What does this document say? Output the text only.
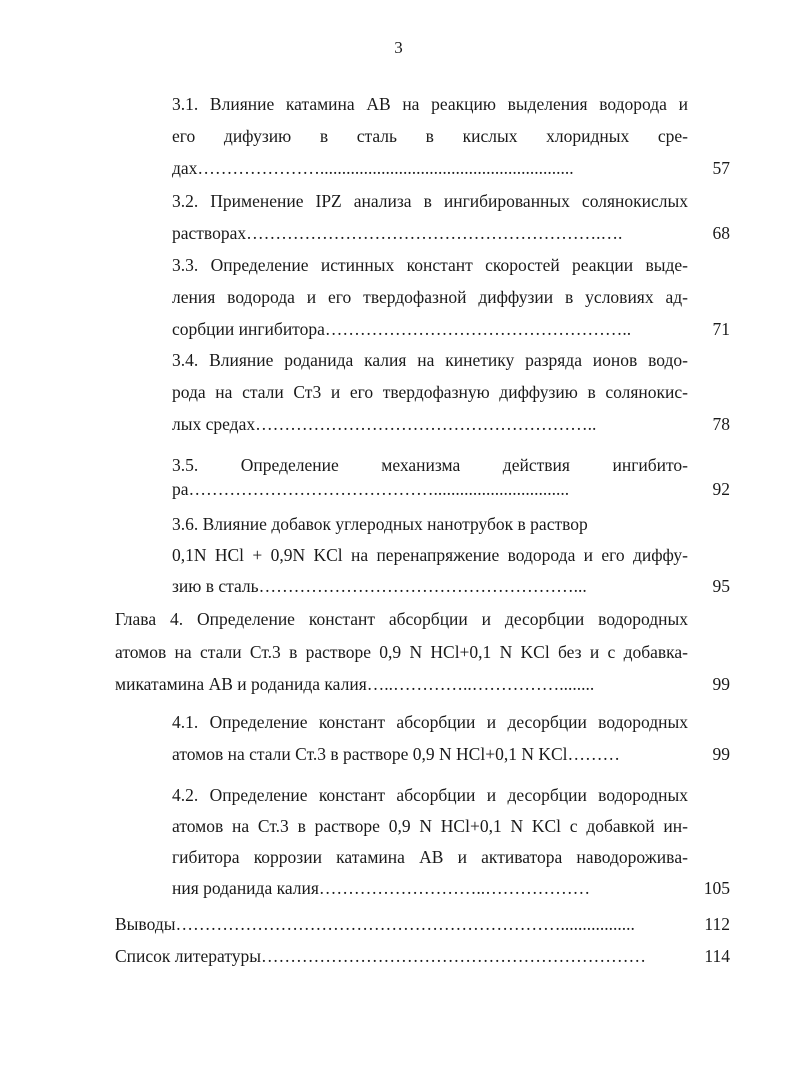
3
3.1. Влияние катамина АВ на реакцию выделения водорода и
его дифузию в сталь в кислых хлоридных сре-
дах…………………..........................................................	57
3.2. Применение IPZ анализа в ингибированных солянокислых
растворах…………………………………………………….….	68
3.3. Определение истинных констант скоростей реакции выде-
ления водорода и его твердофазной диффузии в условиях ад-
сорбции ингибитора……………………………………………..	71
3.4. Влияние роданида калия на кинетику разряда ионов водо-
рода на стали Ст3 и его твердофазную диффузию в солянокис-
лых средах…………………………………………………..	78
3.5. Определение механизма действия ингибито-
ра……………………………………...............................	92
3.6. Влияние добавок углеродных нанотрубок в раствор
0,1N HCl + 0,9N KCl на перенапряжение водорода и его диффу-
зию в сталь………………………………………………...	95
Глава 4. Определение констант абсорбции и десорбции водородных
атомов на стали Ст.3 в растворе 0,9 N HCl+0,1 N KCl без и с добавка-
микатамина АВ и роданида калия…..…………..……………........	99
4.1. Определение констант абсорбции и десорбции водородных
атомов на стали Ст.3 в растворе 0,9 N HCl+0,1 N KCl………	99
4.2. Определение констант абсорбции и десорбции водородных
атомов на Ст.3 в растворе 0,9 N HCl+0,1 N KCl с добавкой ин-
гибитора коррозии катамина АВ и активатора наводороживa-
ния роданида калия………………………..………………	105
Выводы………………………………………………………….................	112
Список литературы…………………………………………………………	114
